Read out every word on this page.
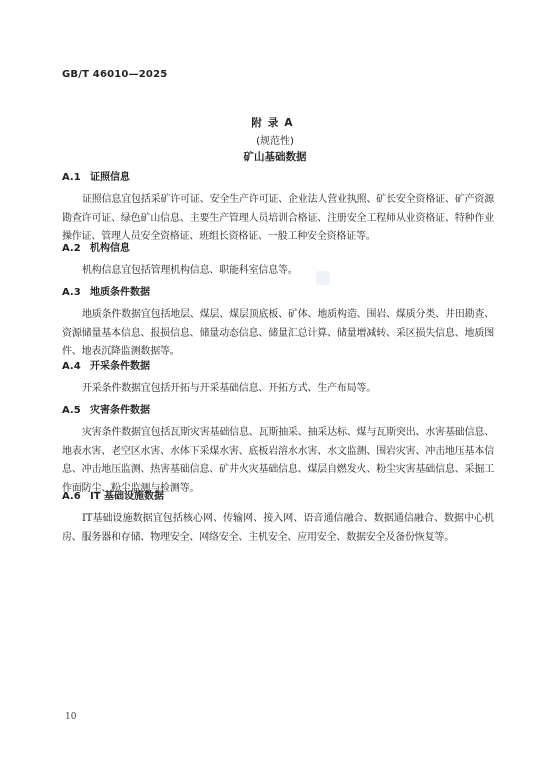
GB/T 46010—2025
附录A
(规范性)
矿山基础数据
A.1 证照信息
证照信息宜包括采矿许可证、安全生产许可证、企业法人营业执照、矿长安全资格证、矿产资源勘查许可证、绿色矿山信息、主要生产管理人员培训合格证、注册安全工程师从业资格证、特种作业操作证、管理人员安全资格证、班组长资格证、一般工种安全资格证等。
A.2 机构信息
机构信息宜包括管理机构信息、职能科室信息等。
A.3 地质条件数据
地质条件数据宜包括地层、煤层、煤层顶底板、矿体、地质构造、围岩、煤质分类、井田勘查、资源储量基本信息、报损信息、储量动态信息、储量汇总计算、储量增减转、采区损失信息、地质图件、地表沉降监测数据等。
A.4 开采条件数据
开采条件数据宜包括开拓与开采基础信息、开拓方式、生产布局等。
A.5 灾害条件数据
灾害条件数据宜包括瓦斯灾害基础信息、瓦斯抽采、抽采达标、煤与瓦斯突出、水害基础信息、地表水害、老空区水害、水体下采煤水害、底板岩溶水水害、水文监测、围岩灾害、冲击地压基本信息、冲击地压监测、热害基础信息、矿井火灾基础信息、煤层自燃发火、粉尘灾害基础信息、采掘工作面防尘、粉尘监测与检测等。
A.6 IT 基础设施数据
IT基础设施数据宜包括核心网、传输网、接入网、语音通信融合、数据通信融合、数据中心机房、服务器和存储、物理安全、网络安全、主机安全、应用安全、数据安全及备份恢复等。
10
